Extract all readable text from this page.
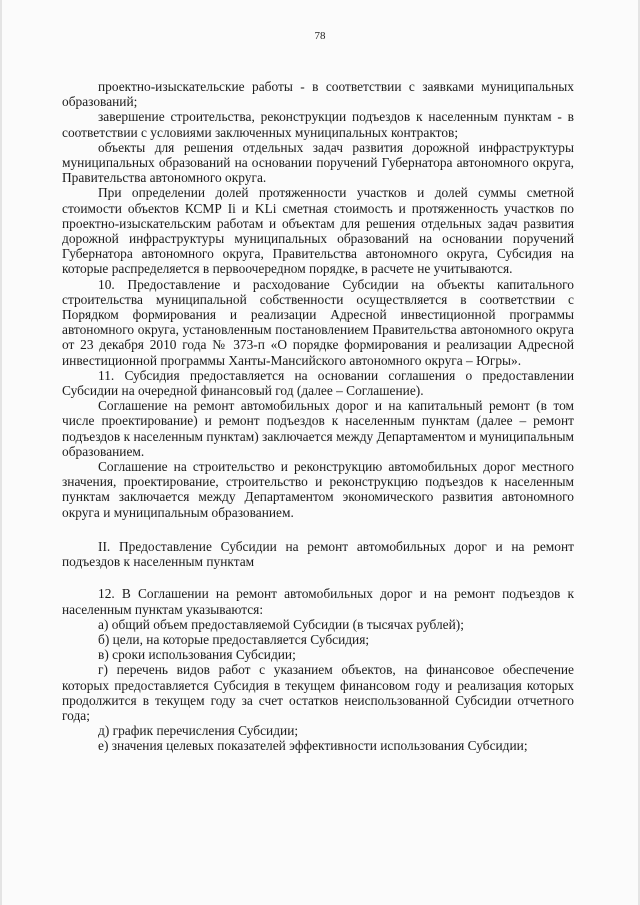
78

проектно-изыскательские работы - в соответствии с заявками муниципальных образований;

завершение строительства, реконструкции подъездов к населенным пунктам - в соответствии с условиями заключенных муниципальных контрактов;

объекты для решения отдельных задач развития дорожной инфраструктуры муниципальных образований на основании поручений Губернатора автономного округа, Правительства автономного округа.

При определении долей протяженности участков и долей суммы сметной стоимости объектов КСМР Ii и KLi сметная стоимость и протяженность участков по проектно-изыскательским работам и объектам для решения отдельных задач развития дорожной инфраструктуры муниципальных образований на основании поручений Губернатора автономного округа, Правительства автономного округа, Субсидия на которые распределяется в первоочередном порядке, в расчете не учитываются.

10. Предоставление и расходование Субсидии на объекты капитального строительства муниципальной собственности осуществляется в соответствии с Порядком формирования и реализации Адресной инвестиционной программы автономного округа, установленным постановлением Правительства автономного округа от 23 декабря 2010 года № 373-п «О порядке формирования и реализации Адресной инвестиционной программы Ханты-Мансийского автономного округа – Югры».

11. Субсидия предоставляется на основании соглашения о предоставлении Субсидии на очередной финансовый год (далее – Соглашение).

Соглашение на ремонт автомобильных дорог и на капитальный ремонт (в том числе проектирование) и ремонт подъездов к населенным пунктам (далее – ремонт подъездов к населенным пунктам) заключается между Департаментом и муниципальным образованием.

Соглашение на строительство и реконструкцию автомобильных дорог местного значения, проектирование, строительство и реконструкцию подъездов к населенным пунктам заключается между Департаментом экономического развития автономного округа и муниципальным образованием.

II. Предоставление Субсидии на ремонт автомобильных дорог и на ремонт подъездов к населенным пунктам

12. В Соглашении на ремонт автомобильных дорог и на ремонт подъездов к населенным пунктам указываются:

а) общий объем предоставляемой Субсидии (в тысячах рублей);

б) цели, на которые предоставляется Субсидия;

в) сроки использования Субсидии;

г) перечень видов работ с указанием объектов, на финансовое обеспечение которых предоставляется Субсидия в текущем финансовом году и реализация которых продолжится в текущем году за счет остатков неиспользованной Субсидии отчетного года;

д) график перечисления Субсидии;

е) значения целевых показателей эффективности использования Субсидии;
